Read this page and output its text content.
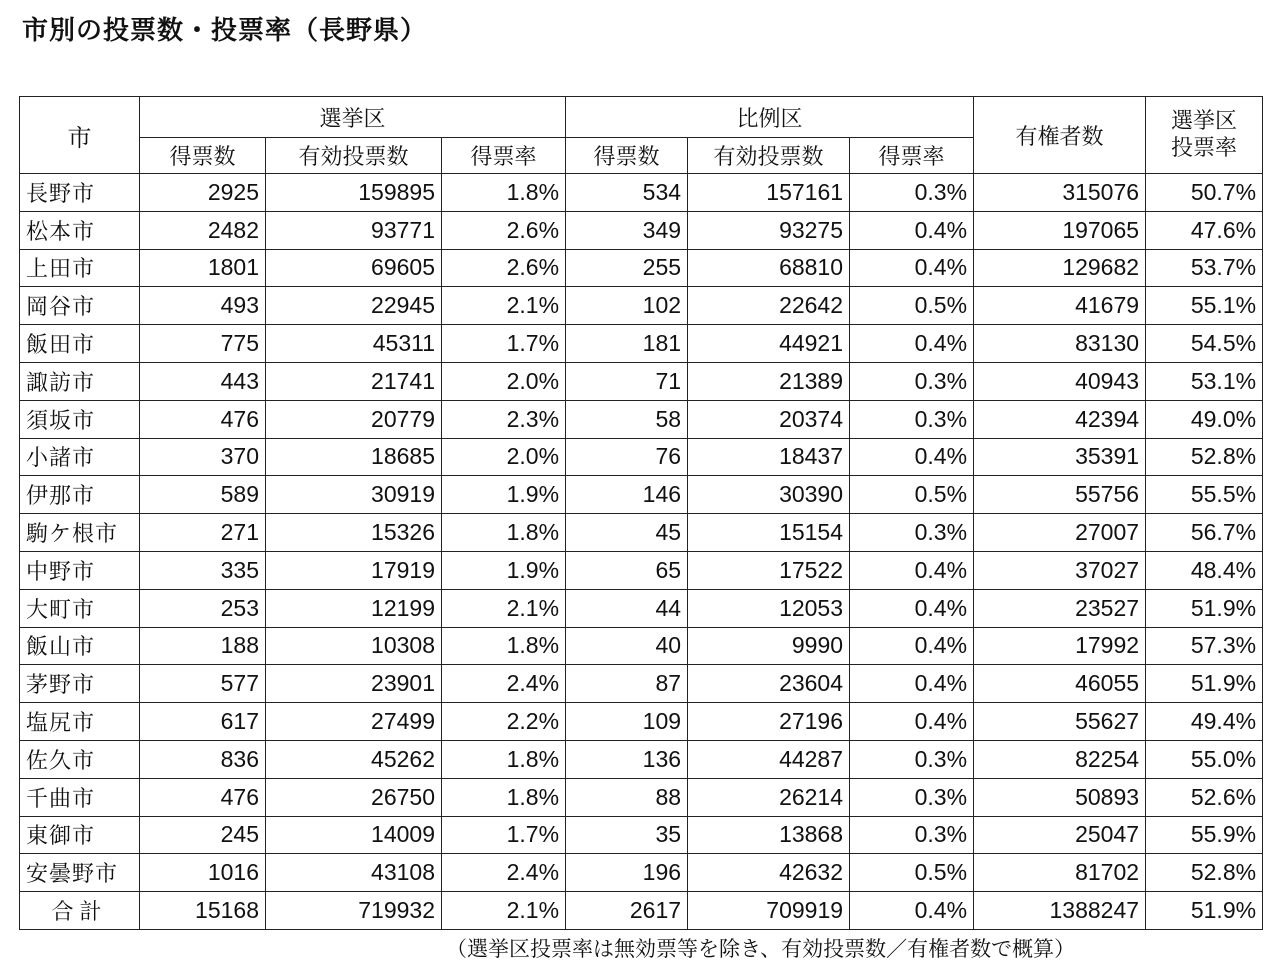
市別の投票数・投票率（長野県）
市	選挙区			比例区			有権者数	選挙区
投票率
	得票数	有効投票数	得票率	得票数	有効投票数	得票率		
長野市	2925	159895	1.8%	534	157161	0.3%	315076	50.7%
松本市	2482	93771	2.6%	349	93275	0.4%	197065	47.6%
上田市	1801	69605	2.6%	255	68810	0.4%	129682	53.7%
岡谷市	493	22945	2.1%	102	22642	0.5%	41679	55.1%
飯田市	775	45311	1.7%	181	44921	0.4%	83130	54.5%
諏訪市	443	21741	2.0%	71	21389	0.3%	40943	53.1%
須坂市	476	20779	2.3%	58	20374	0.3%	42394	49.0%
小諸市	370	18685	2.0%	76	18437	0.4%	35391	52.8%
伊那市	589	30919	1.9%	146	30390	0.5%	55756	55.5%
駒ケ根市	271	15326	1.8%	45	15154	0.3%	27007	56.7%
中野市	335	17919	1.9%	65	17522	0.4%	37027	48.4%
大町市	253	12199	2.1%	44	12053	0.4%	23527	51.9%
飯山市	188	10308	1.8%	40	9990	0.4%	17992	57.3%
茅野市	577	23901	2.4%	87	23604	0.4%	46055	51.9%
塩尻市	617	27499	2.2%	109	27196	0.4%	55627	49.4%
佐久市	836	45262	1.8%	136	44287	0.3%	82254	55.0%
千曲市	476	26750	1.8%	88	26214	0.3%	50893	52.6%
東御市	245	14009	1.7%	35	13868	0.3%	25047	55.9%
安曇野市	1016	43108	2.4%	196	42632	0.5%	81702	52.8%
合計	15168	719932	2.1%	2617	709919	0.4%	1388247	51.9%
（選挙区投票率は無効票等を除き、有効投票数／有権者数で概算）
